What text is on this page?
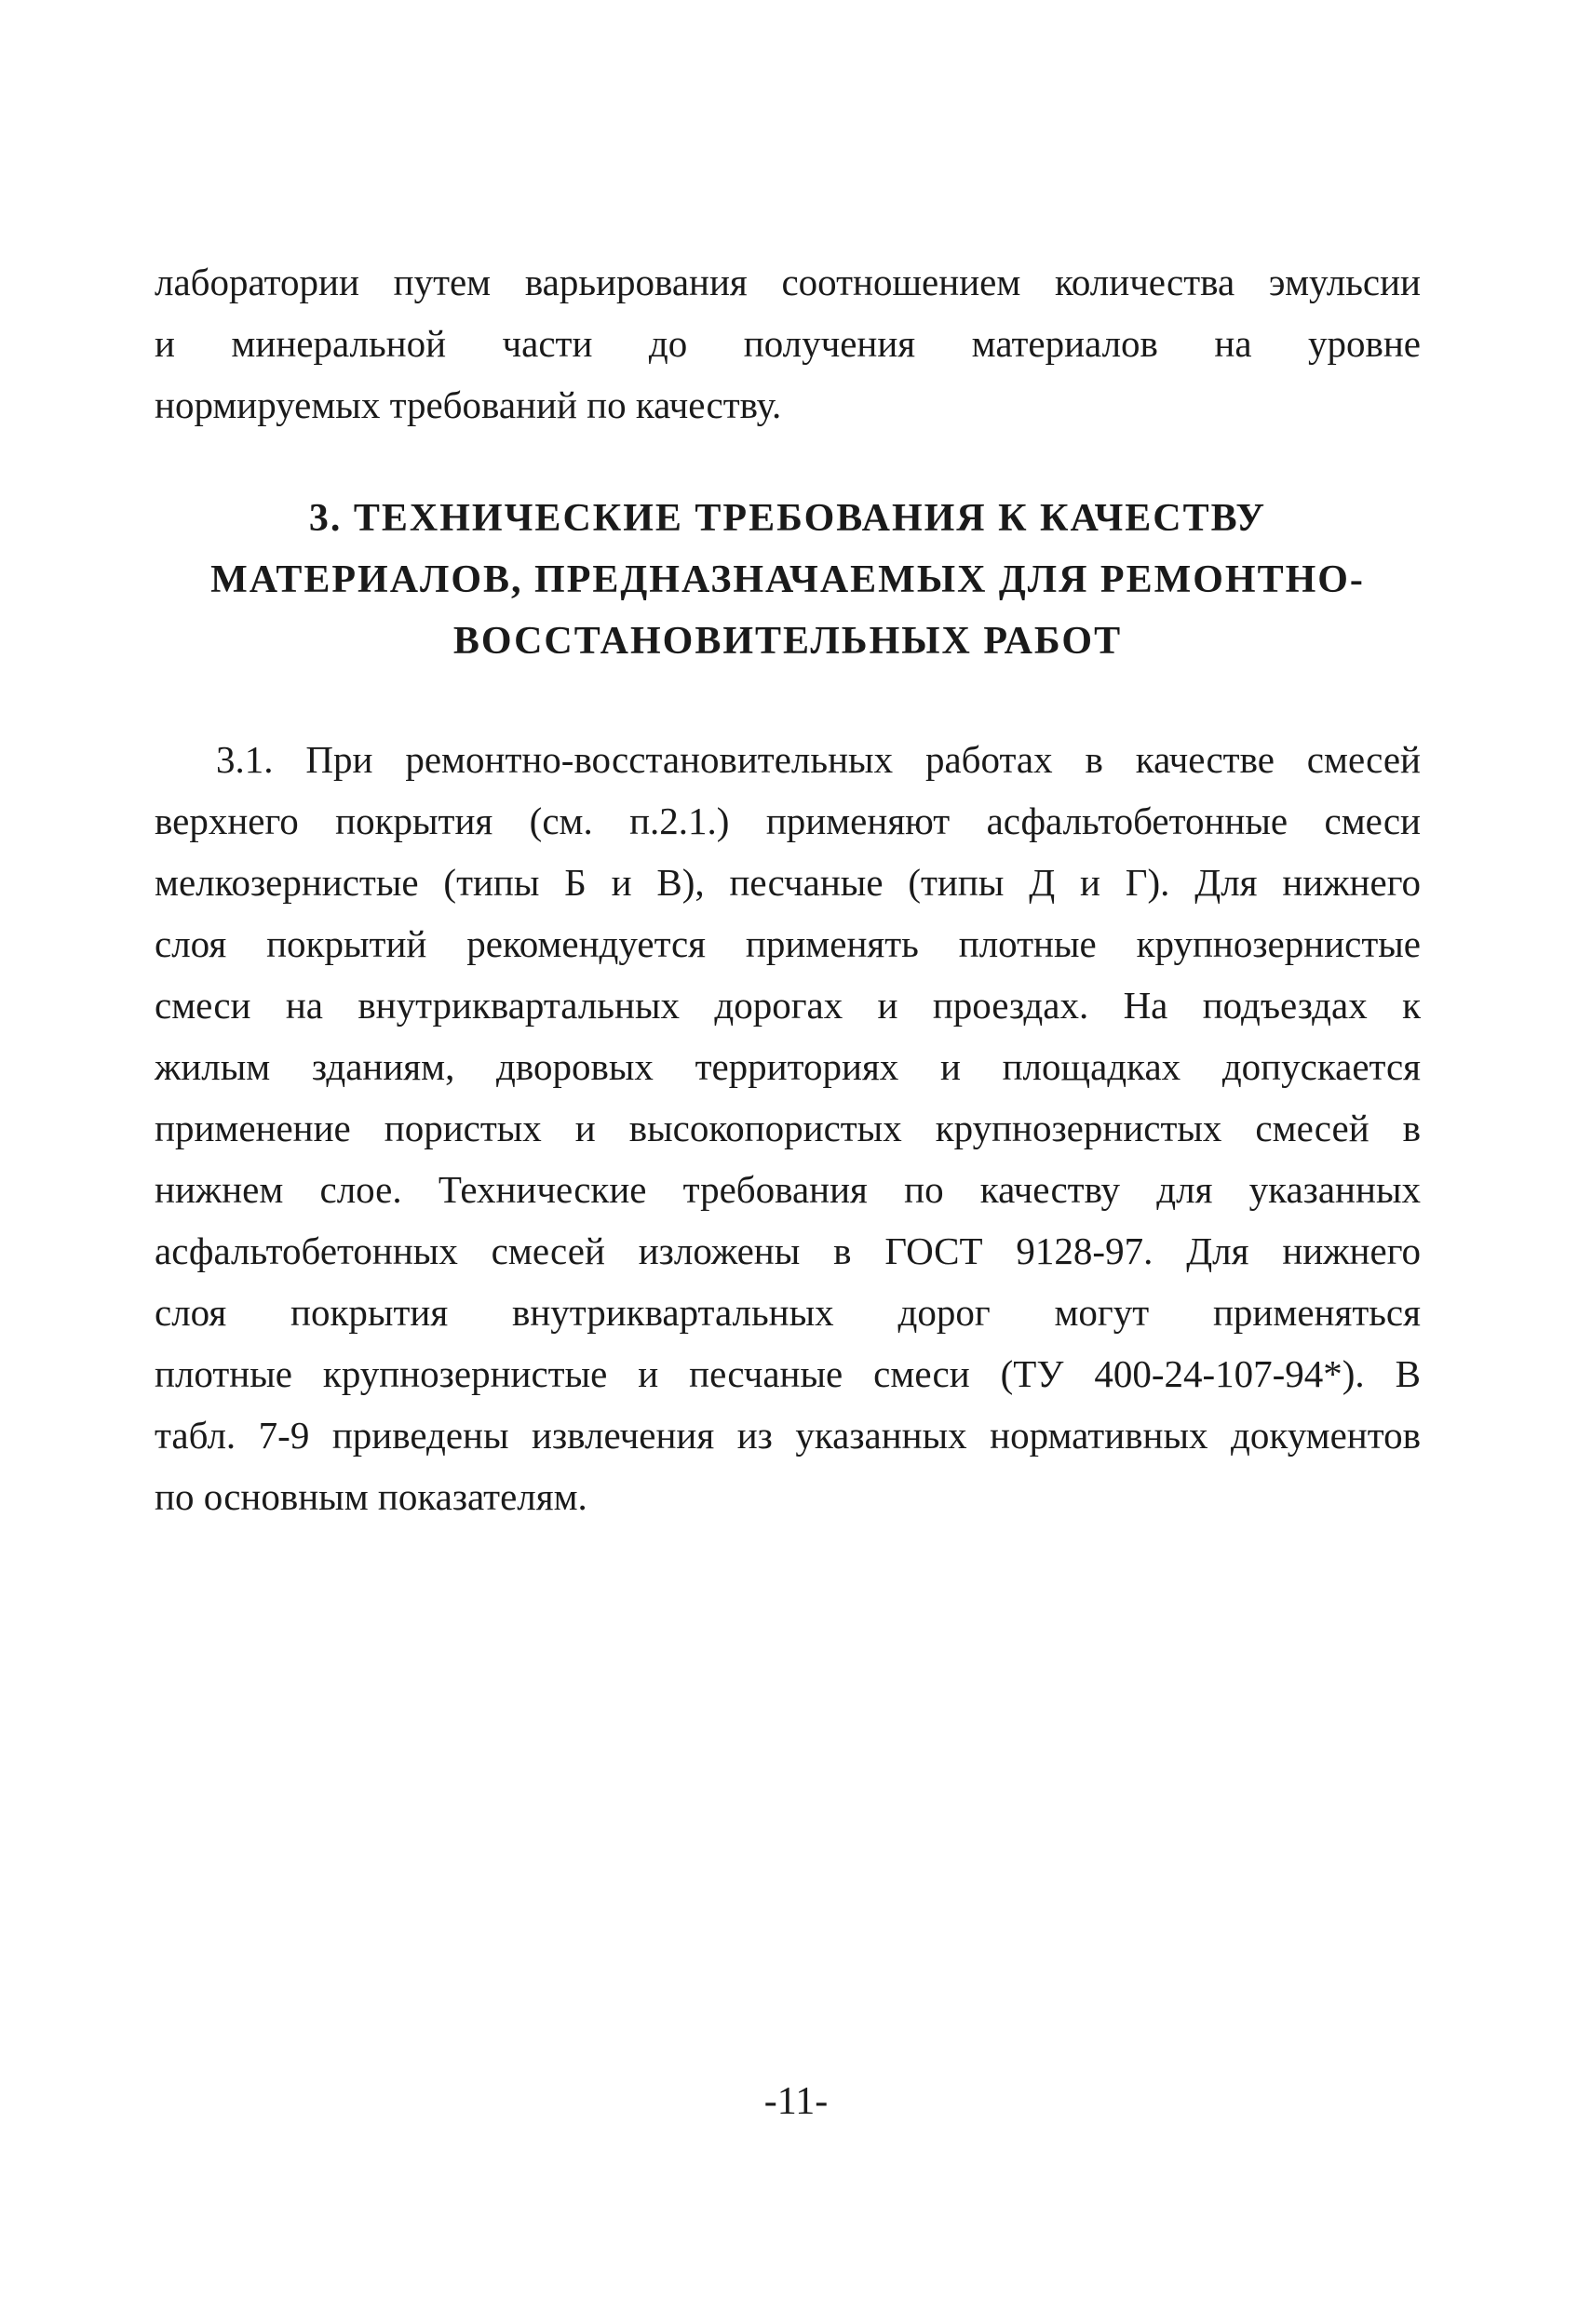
лаборатории путем варьирования соотношением количества эмульсии
и минеральной части до получения материалов на уровне
нормируемых требований по качеству.
3. ТЕХНИЧЕСКИЕ ТРЕБОВАНИЯ К КАЧЕСТВУ
МАТЕРИАЛОВ, ПРЕДНАЗНАЧАЕМЫХ ДЛЯ РЕМОНТНО-
ВОССТАНОВИТЕЛЬНЫХ РАБОТ
3.1. При ремонтно-восстановительных работах в качестве смесей
верхнего покрытия (см. п.2.1.) применяют асфальтобетонные смеси
мелкозернистые (типы Б и В), песчаные (типы Д и Г). Для нижнего
слоя покрытий рекомендуется применять плотные крупнозернистые
смеси на внутриквартальных дорогах и проездах. На подъездах к
жилым зданиям, дворовых территориях и площадках допускается
применение пористых и высокопористых крупнозернистых смесей в
нижнем слое. Технические требования по качеству для указанных
асфальтобетонных смесей изложены в ГОСТ 9128-97. Для нижнего
слоя покрытия внутриквартальных дорог могут применяться
плотные крупнозернистые и песчаные смеси (ТУ 400-24-107-94*). В
табл. 7-9 приведены извлечения из указанных нормативных документов
по основным показателям.
-11-
